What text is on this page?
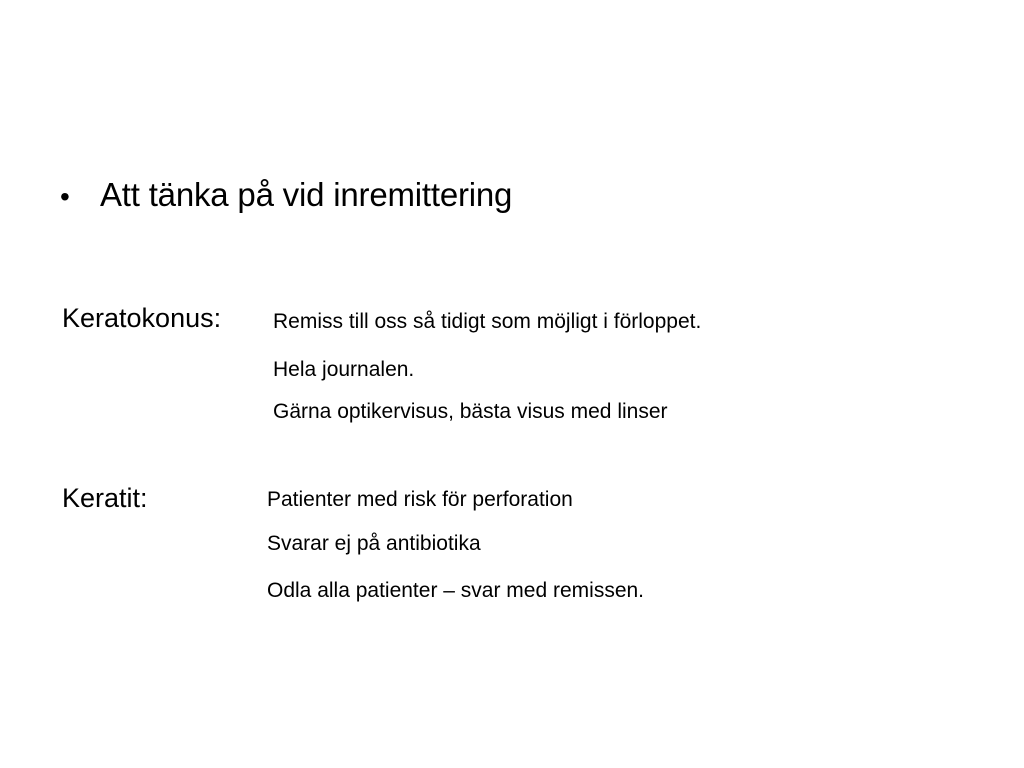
• Att tänka på vid inremittering
Keratokonus: Remiss till oss så tidigt som möjligt i förloppet.
Hela journalen.
Gärna optikervisus, bästa visus med linser
Keratit:	Patienter med risk för perforation
Svarar ej på antibiotika
Odla alla patienter – svar med remissen.
